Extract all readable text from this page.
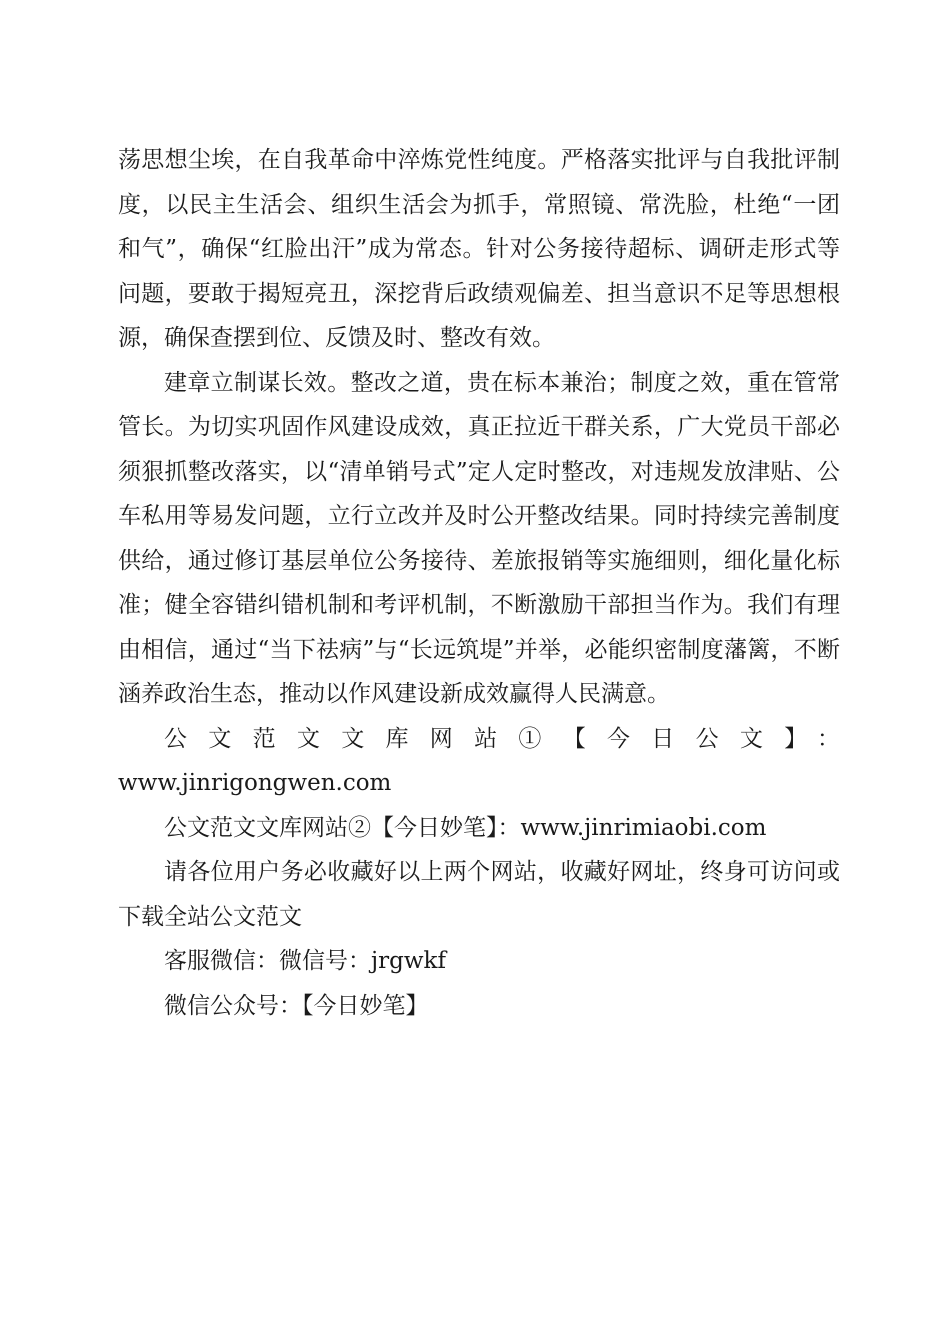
荡思想尘埃，在自我革命中淬炼党性纯度。严格落实批评与自我批评制度，以民主生活会、组织生活会为抓手，常照镜、常洗脸，杜绝“一团和气”，确保“红脸出汗”成为常态。针对公务接待超标、调研走形式等问题，要敢于揭短亮丑，深挖背后政绩观偏差、担当意识不足等思想根源，确保查摆到位、反馈及时、整改有效。

建章立制谋长效。整改之道，贵在标本兼治；制度之效，重在管常管长。为切实巩固作风建设成效，真正拉近干群关系，广大党员干部必须狠抓整改落实，以“清单销号式”定人定时整改，对违规发放津贴、公车私用等易发问题，立行立改并及时公开整改结果。同时持续完善制度供给，通过修订基层单位公务接待、差旅报销等实施细则，细化量化标准；健全容错纠错机制和考评机制，不断激励干部担当作为。我们有理由相信，通过“当下祛病”与“长远筑堤”并举，必能织密制度藩篱，不断涵养政治生态，推动以作风建设新成效赢得人民满意。

公文范文文库网站①【今日公文】：

www.jinrigongwen.com

公文范文文库网站②【今日妙笔】：www.jinrimiaobi.com

请各位用户务必收藏好以上两个网站，收藏好网址，终身可访问或下载全站公文范文

客服微信：微信号：jrgwkf

微信公众号：【今日妙笔】
